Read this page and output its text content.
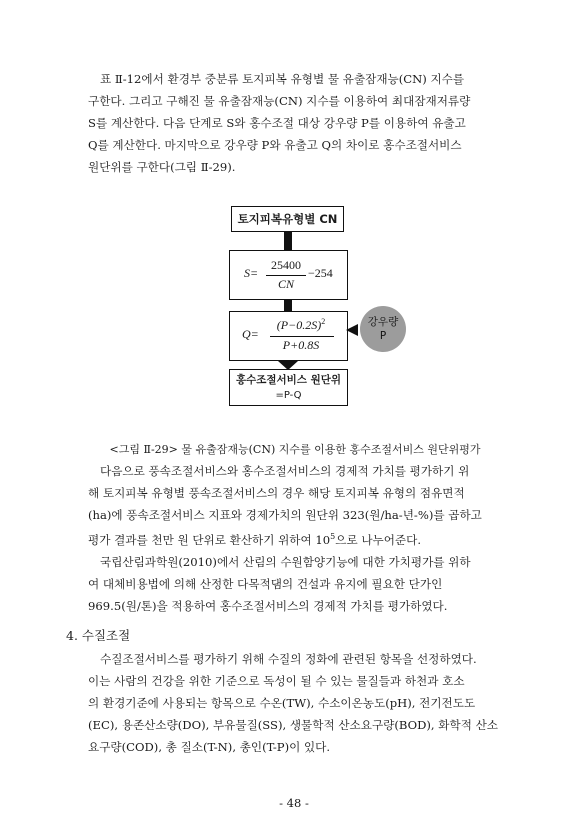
표 Ⅱ-12에서 환경부 중분류 토지피복 유형별 물 유출잠재능(CN) 지수를
구한다. 그리고 구해진 물 유출잠재능(CN) 지수를 이용하여 최대잠재저류량
S를 계산한다. 다음 단계로 S와 홍수조절 대상 강우량 P를 이용하여 유출고
Q를 계산한다. 마지막으로 강우량 P와 유출고 Q의 차이로 홍수조절서비스
원단위를 구한다(그림 Ⅱ-29).
토지피복유형별 CN
S=
25400
CN
−254
Q=
$(P-0.2S)^2$
P+0.8S
강우량
P
홍수조절서비스 원단위
=P-Q
<그림 Ⅱ-29> 물 유출잠재능(CN) 지수를 이용한 홍수조절서비스 원단위평가
다음으로 풍속조절서비스와 홍수조절서비스의 경제적 가치를 평가하기 위
해 토지피복 유형별 풍속조절서비스의 경우 해당 토지피복 유형의 점유면적
(ha)에 풍속조절서비스 지표와 경제가치의 원단위 323(원/ha-년-%)를 곱하고
평가 결과를 천만 원 단위로 환산하기 위하여 $10^5$으로 나누어준다.
국립산림과학원(2010)에서 산림의 수원함양기능에 대한 가치평가를 위하
여 대체비용법에 의해 산정한 다목적댐의 건설과 유지에 필요한 단가인
969.5(원/톤)을 적용하여 홍수조절서비스의 경제적 가치를 평가하였다.
4. 수질조절
수질조절서비스를 평가하기 위해 수질의 정화에 관련된 항목을 선정하였다.
이는 사람의 건강을 위한 기준으로 독성이 될 수 있는 물질들과 하천과 호소
의 환경기준에 사용되는 항목으로 수온(TW), 수소이온농도(pH), 전기전도도
(EC), 용존산소량(DO), 부유물질(SS), 생물학적 산소요구량(BOD), 화학적 산소
요구량(COD), 총 질소(T-N), 총인(T-P)이 있다.
- 48 -
